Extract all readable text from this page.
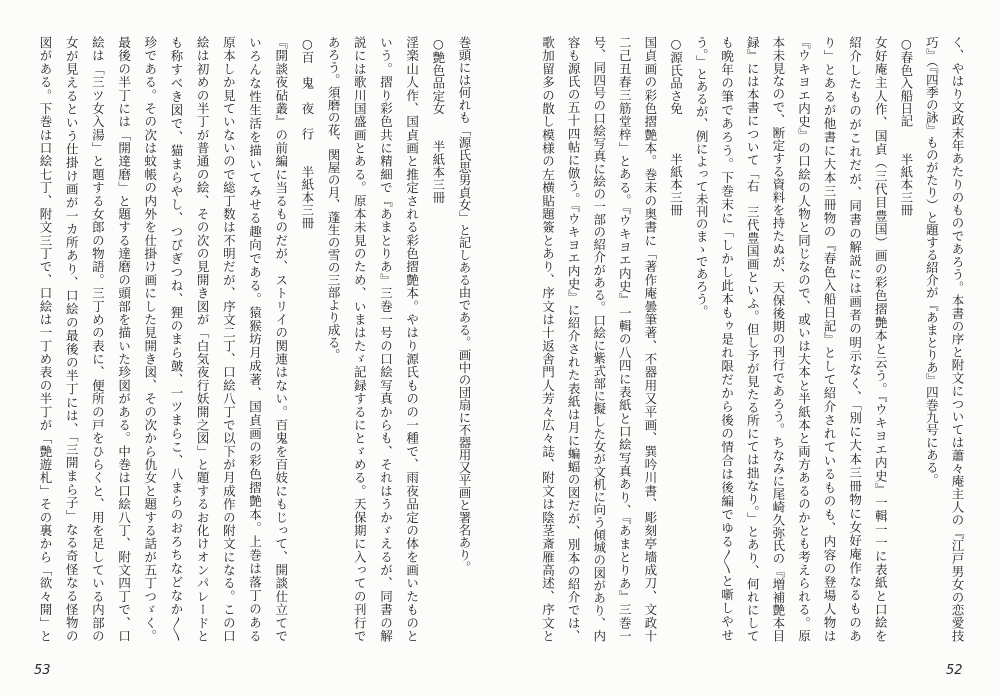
巻頭には何れも「源氏思男貞女」と記しある由である。画中の団扇に不器用又平画と署名あり。

○艶色品定女　　半紙本三冊

淫楽山人作、国貞画と推定される彩色摺艶本。やはり源氏ものの一種で、雨夜品定の体を画いたものと

いう。摺り彩色共に精細で『あまとりあ』三巻一号の口絵写真からも、それはうかゞえるが、同書の解

説には歌川国盛画とある。原本未見のため、いまはたゞ記録するにとゞめる。天保期に入っての刊行で

あろう。須磨の花、関屋の月、蓬生の雪の三部より成る。

○百　鬼　夜　行　　半紙本三冊

『開談夜砧叢』の前編に当るものだが、ストリイの関連はない。百鬼を百妓にもじって、開談仕立てで

いろんな性生活を描いてみせる趣向である。猿猴坊月成著、国貞画の彩色摺艶本。上巻は落丁のある

原本しか見ていないので総丁数は不明だが、序文二丁、口絵八丁で以下が月成作の附文になる。この口

絵は初めの半丁が普通の絵、その次の見開き図が「白気夜行妖開之図」と題するお化けオンパレードと

も称すべき図で、猫まらやし、つびぎつね、狸のまら皷、一ツまらこ、八まらのおろちなどなか〳〵

珍である。その次は蚊帳の内外を仕掛け画にした見開き図、その次から仇女と題する話が五丁つゞく。

最後の半丁には「開達磨」と題する達磨の頭部を描いた珍図がある。中巻は口絵八丁、附文四丁で、口

絵は「三ツ女入湯」と題する女郎の物語。三丁めの表に、便所の戸をひらくと、用を足している内部の

女が見えるという仕掛け画が一カ所あり、口絵の最後の半丁には、「三開まら子」なる奇怪なる怪物の

図がある。下巻は口絵七丁、附文三丁で、口絵は一丁め表の半丁が「艶遊札」その裏から「欲々開」と

53

く、やはり文政末年あたりのものであろう。本書の序と附文については蕭々庵主人の『江戸男女の恋愛技

巧』（『四季の詠』ものがたり）と題する紹介が『あまとりあ』四巻九号にある。

○春色入船日記　　半紙本三冊

女好庵主人作、国貞（三代目豊国）画の彩色摺艶本と云う。『ウキヨエ内史』一輯一一に表紙と口絵を

紹介したものがこれだが、同書の解説には画者の明示なく、「別に大本三冊物に女好庵作なるものあ

り」とあるが他書に大本三冊物の『春色入船日記』として紹介されているものも、内容の登場人物は

『ウキヨエ内史』の口絵の人物と同じなので、或いは大本と半紙本と両方あるのかとも考えられる。原

本未見なので、断定する資料を持たぬが、天保後期の刊行であろう。ちなみに尾崎久弥氏の『増補艶本目

録』には本書について「右　三代豊国画といふ。但し予が見たる所にては拙なり。」とあり、何れにして

も晩年の筆であろう。下巻末に「しかし此本もゥ是れ限だから後の情合は後編でゆる〳〵と噺しやせ

う。」とあるが、例によって未刊のまゝであろう。

○源氏品さ免　　　半紙本三冊

国貞画の彩色摺艶本。巻末の奥書に「著作庵曇筆著、不器用又平画、巽吟川書、彫刻亭墻成刀、文政十

二己丑春三筋堂梓」とある。『ウキヨエ内史』一輯の八四に表紙と口絵写真あり、『あまとりあ』三巻一

号、同四号の口絵写真に絵の一部の紹介がある。口絵に紫式部に擬した女が文机に向う傾城の図があり、内

容も源氏の五十四帖に倣う。『ウキヨエ内史』に紹介された表紙は月に蝙蝠の図だが、別本の紹介では、

歌加留多の散し模様の左横貼題簽とあり、序文は十返舎門人芳々広々誌、附文は陰茎斎雁高述、序文と

52
